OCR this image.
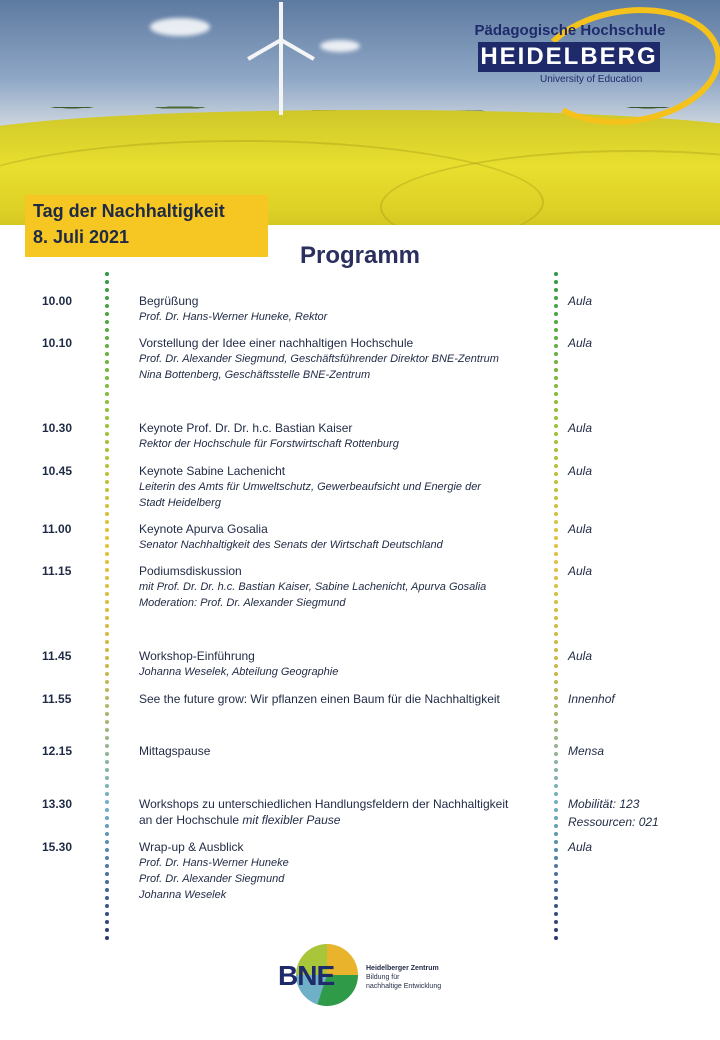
Pädagogische Hochschule
HEIDELBERG
University of Education
Tag der Nachhaltigkeit
8. Juli 2021
Programm
10.00	Begrüßung
Prof. Dr. Hans-Werner Huneke, Rektor
Aula
10.10	Vorstellung der Idee einer nachhaltigen Hochschule
Prof. Dr. Alexander Siegmund, Geschäftsführender Direktor BNE-Zentrum
Nina Bottenberg, Geschäftsstelle BNE-Zentrum
Aula
10.30	Keynote Prof. Dr. Dr. h.c. Bastian Kaiser
Rektor der Hochschule für Forstwirtschaft Rottenburg
Aula
10.45	Keynote Sabine Lachenicht
Leiterin des Amts für Umweltschutz, Gewerbeaufsicht und Energie der
Stadt Heidelberg
Aula
11.00	Keynote Apurva Gosalia
Senator Nachhaltigkeit des Senats der Wirtschaft Deutschland
Aula
11.15	Podiumsdiskussion
mit Prof. Dr. Dr. h.c. Bastian Kaiser, Sabine Lachenicht, Apurva Gosalia
Moderation: Prof. Dr. Alexander Siegmund
Aula
11.45	Workshop-Einführung
Johanna Weselek, Abteilung Geographie
Aula
11.55	See the future grow: Wir pflanzen einen Baum für die Nachhaltigkeit	Innenhof
12.15	Mittagspause	Mensa
13.30	Workshops zu unterschiedlichen Handlungsfeldern der Nachhaltigkeit
an der Hochschule mit flexibler Pause
Mobilität: 123
Ressourcen: 021
15.30	Wrap-up & Ausblick
Prof. Dr. Hans-Werner Huneke
Prof. Dr. Alexander Siegmund
Johanna Weselek
Aula
BNE	Heidelberger Zentrum
Bildung für
nachhaltige Entwicklung
